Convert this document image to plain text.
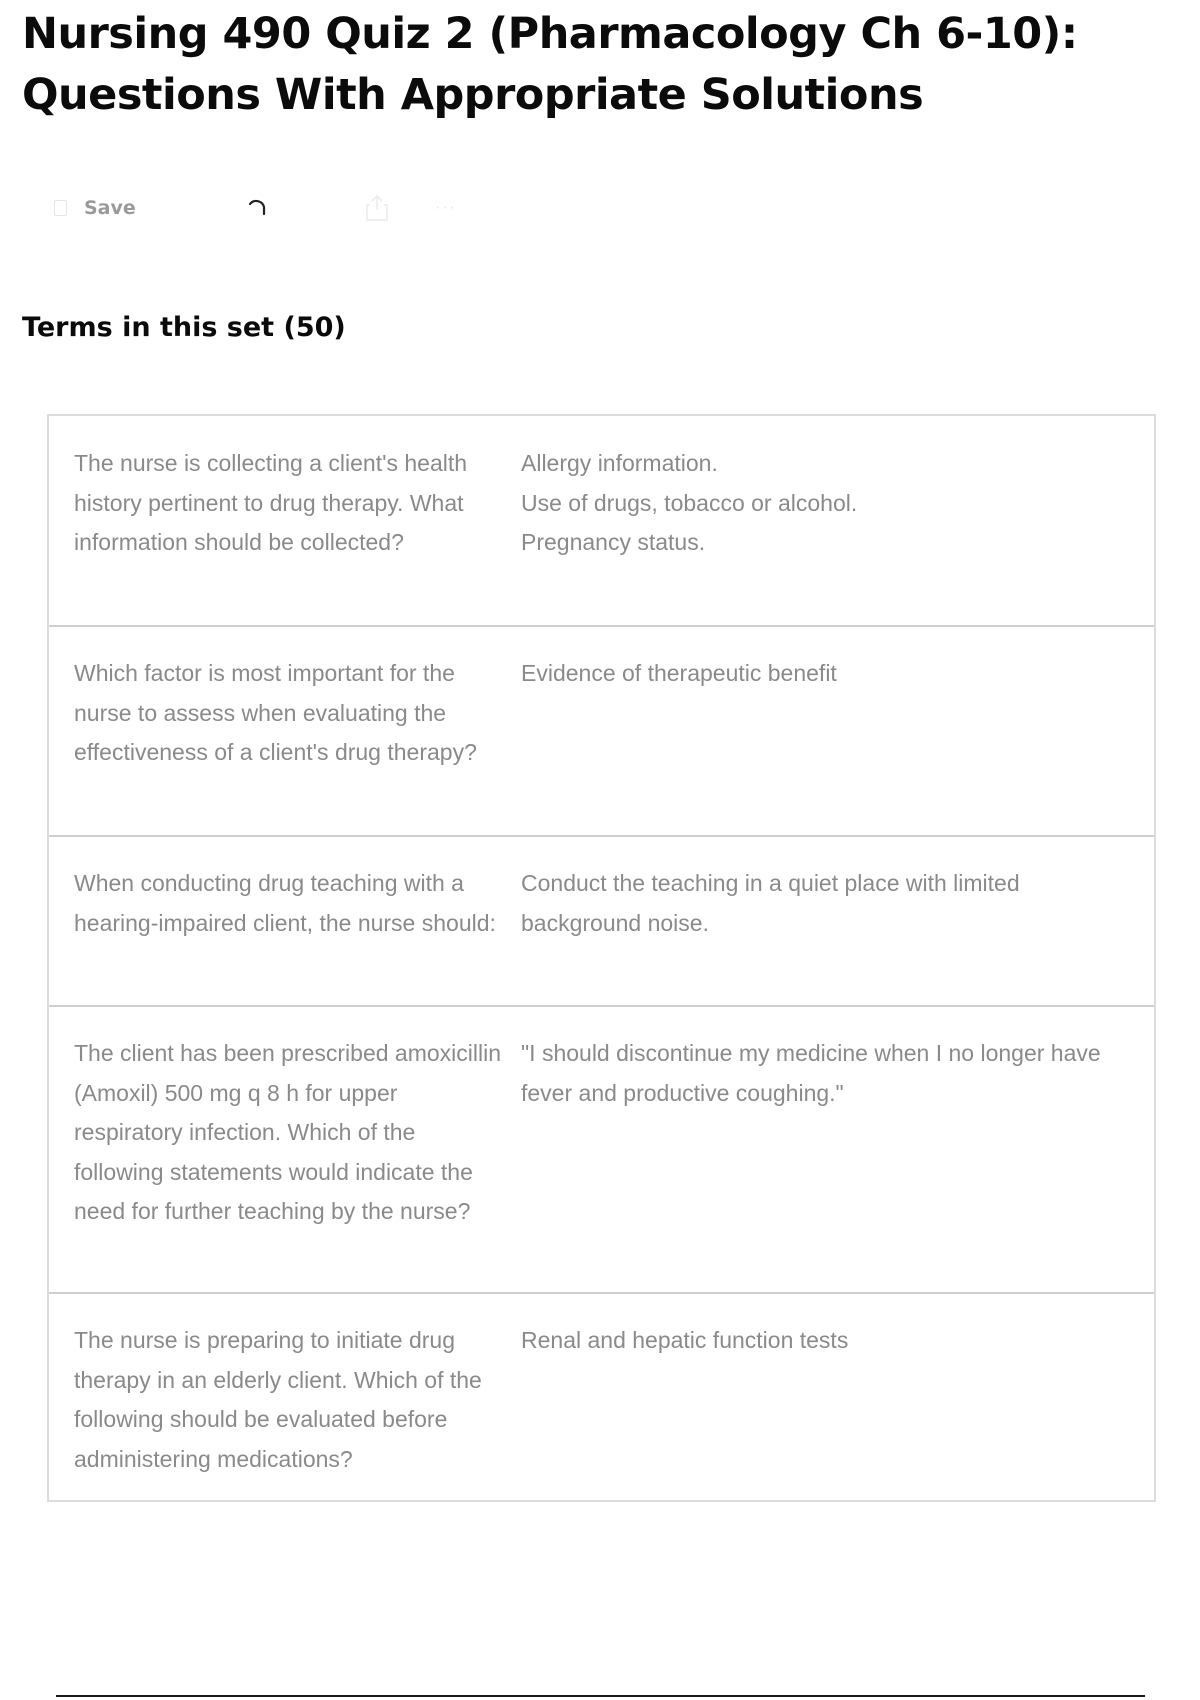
Nursing 490 Quiz 2 (Pharmacology Ch 6-10): Questions With Appropriate Solutions
Save	···
Terms in this set (50)
The nurse is collecting a client's health history pertinent to drug therapy. What information should be collected?
Allergy information.
Use of drugs, tobacco or alcohol.
Pregnancy status.
Which factor is most important for the nurse to assess when evaluating the effectiveness of a client's drug therapy?
Evidence of therapeutic benefit
When conducting drug teaching with a hearing-impaired client, the nurse should:
Conduct the teaching in a quiet place with limited background noise.
The client has been prescribed amoxicillin (Amoxil) 500 mg q 8 h for upper respiratory infection. Which of the following statements would indicate the need for further teaching by the nurse?
"I should discontinue my medicine when I no longer have fever and productive coughing."
The nurse is preparing to initiate drug therapy in an elderly client. Which of the following should be evaluated before administering medications?
Renal and hepatic function tests
